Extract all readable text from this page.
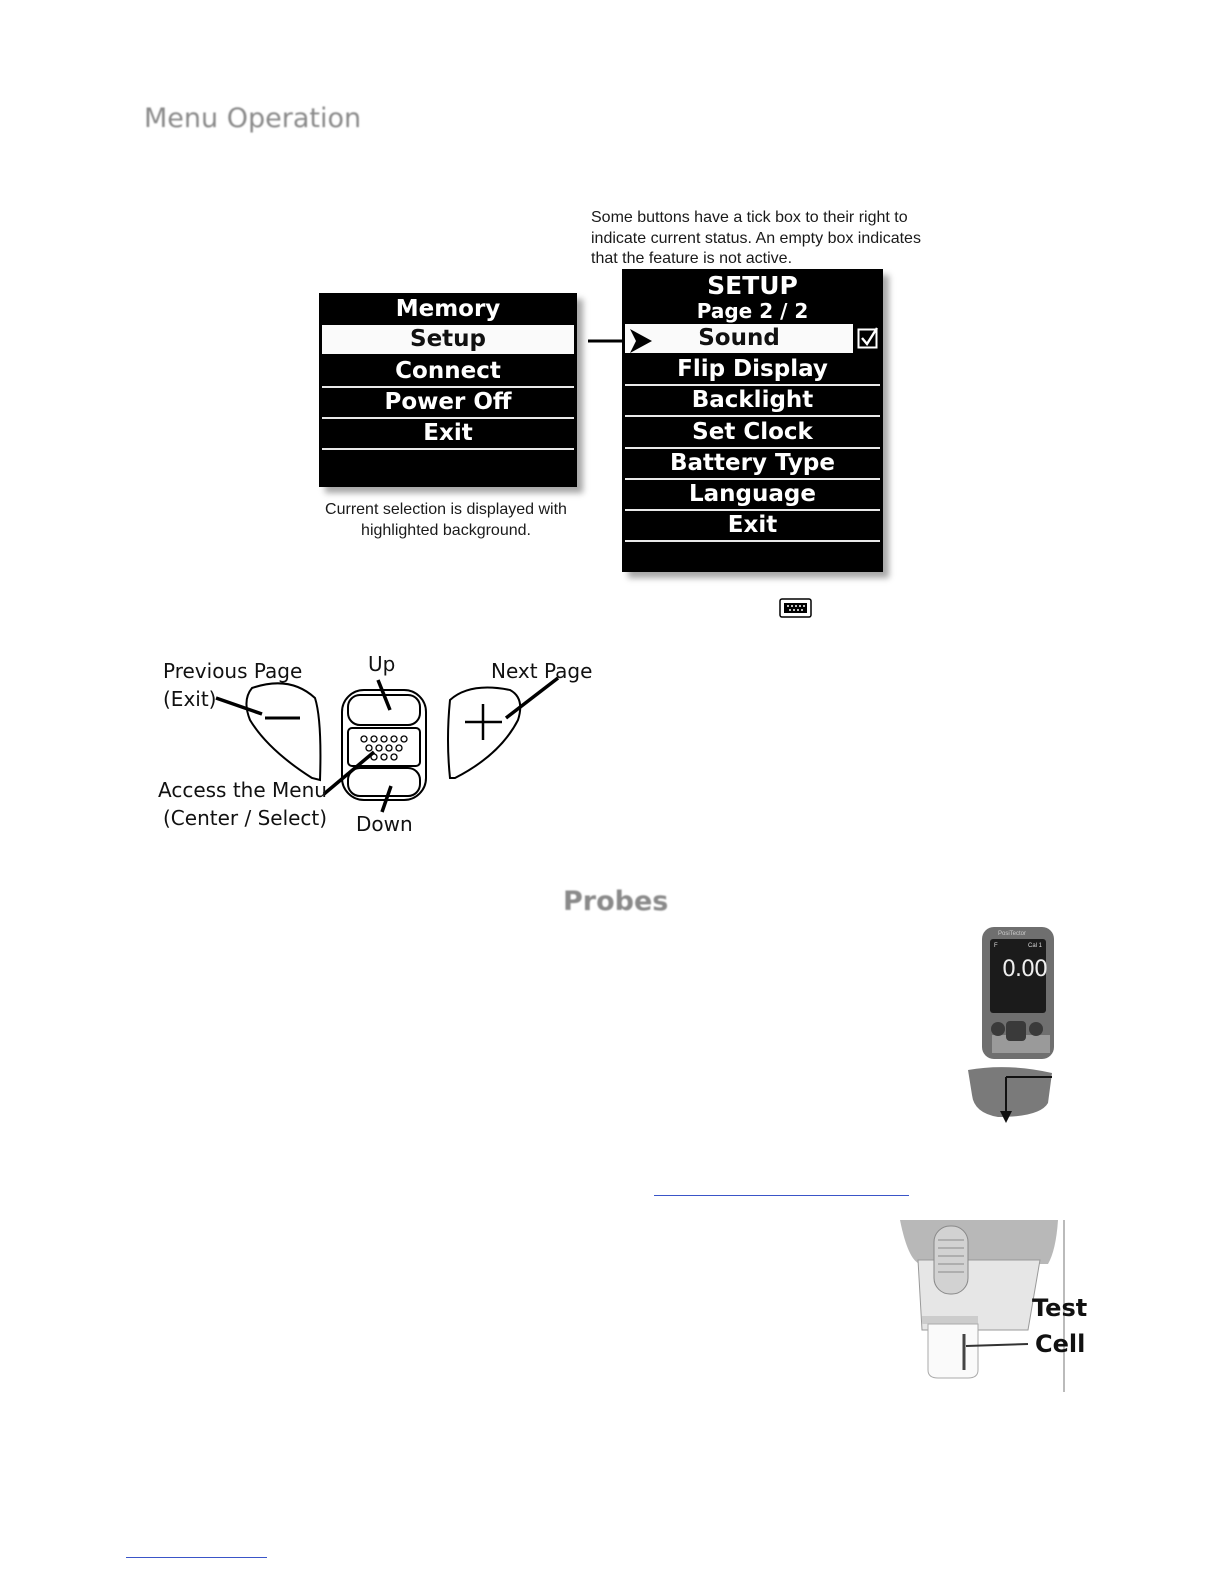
Menu Operation
Some buttons have a tick box to their right to indicate current status. An empty box indicates that the feature is not active.
Memory
Setup
Connect
Power Off
Exit
Current selection is displayed with highlighted background.
SETUP
Page 2 / 2
Sound
Flip Display
Backlight
Set Clock
Battery Type
Language
Exit
Previous Page
(Exit)
Up	Next Page
Access the Menu
(Center / Select) Down
Probes
PosiTector
F	Cal 1
0.00
Test
Cell
